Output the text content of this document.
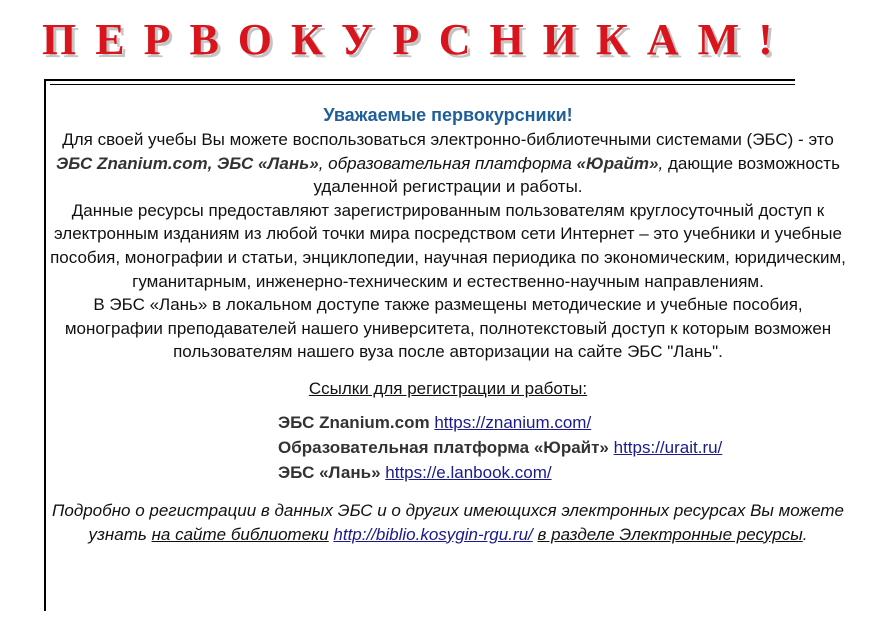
ПЕРВОКУРСНИКАМ!

Уважаемые первокурсники!

Для своей учебы Вы можете воспользоваться электронно-библиотечными системами (ЭБС) - это ЭБС Znanium.com, ЭБС «Лань», образовательная платформа «Юрайт», дающие возможность удаленной регистрации и работы.

Данные ресурсы предоставляют зарегистрированным пользователям круглосуточный доступ к электронным изданиям из любой точки мира посредством сети Интернет – это учебники и учебные пособия, монографии и статьи, энциклопедии, научная периодика по экономическим, юридическим, гуманитарным, инженерно-техническим и естественно-научным направлениям.

В ЭБС «Лань» в локальном доступе также размещены методические и учебные пособия, монографии преподавателей нашего университета, полнотекстовый доступ к которым возможен пользователям нашего вуза после авторизации на сайте ЭБС "Лань".

Ссылки для регистрации и работы:

ЭБС Znanium.com https://znanium.com/
Образовательная платформа «Юрайт» https://urait.ru/
ЭБС «Лань» https://e.lanbook.com/

Подробно о регистрации в данных ЭБС и о других имеющихся электронных ресурсах Вы можете узнать на сайте библиотеки http://biblio.kosygin-rgu.ru/ в разделе Электронные ресурсы.
